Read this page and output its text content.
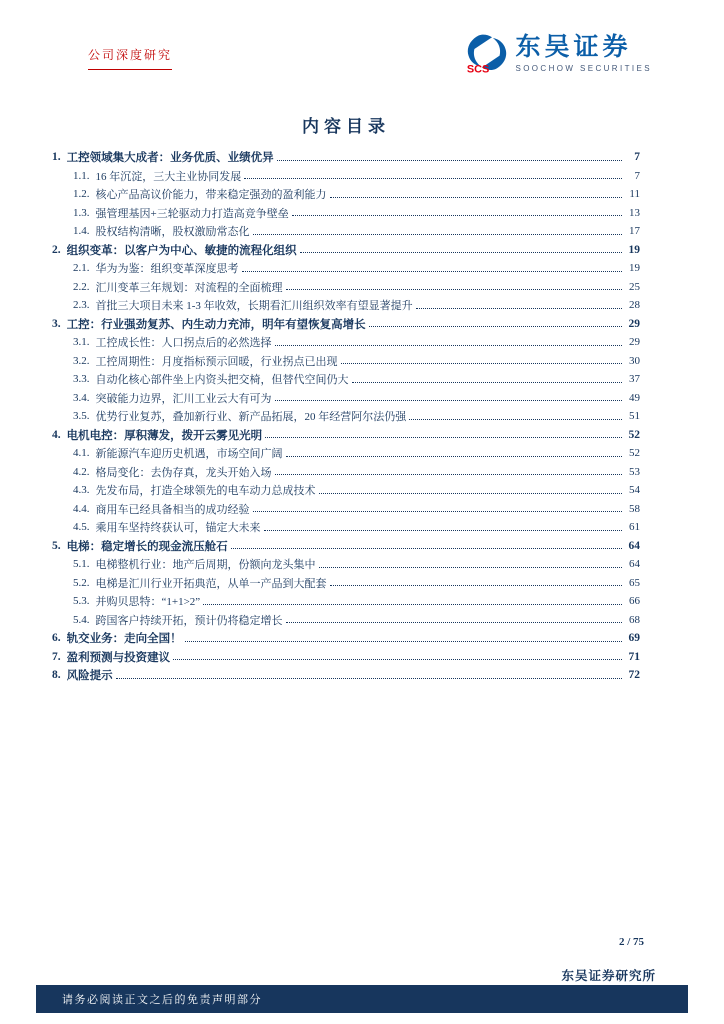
公司深度研究
SCS
东吴证券
SOOCHOW SECURITIES
内容目录
1. 工控领域集大成者：业务优质、业绩优异	7
1.1. 16 年沉淀，三大主业协同发展	7
1.2. 核心产品高议价能力，带来稳定强劲的盈利能力	11
1.3. 强管理基因+三轮驱动力打造高竞争壁垒	13
1.4. 股权结构清晰，股权激励常态化	17
2. 组织变革：以客户为中心、敏捷的流程化组织	19
2.1. 华为为鉴：组织变革深度思考	19
2.2. 汇川变革三年规划：对流程的全面梳理	25
2.3. 首批三大项目未来 1-3 年收效，长期看汇川组织效率有望显著提升	28
3. 工控：行业强劲复苏、内生动力充沛，明年有望恢复高增长	29
3.1. 工控成长性：人口拐点后的必然选择	29
3.2. 工控周期性：月度指标预示回暖，行业拐点已出现	30
3.3. 自动化核心部件坐上内资头把交椅，但替代空间仍大	37
3.4. 突破能力边界，汇川工业云大有可为	49
3.5. 优势行业复苏，叠加新行业、新产品拓展，20 年经营阿尔法仍强	51
4. 电机电控：厚积薄发，拨开云雾见光明	52
4.1. 新能源汽车迎历史机遇，市场空间广阔	52
4.2. 格局变化：去伪存真，龙头开始入场	53
4.3. 先发布局，打造全球领先的电车动力总成技术	54
4.4. 商用车已经具备相当的成功经验	58
4.5. 乘用车坚持终获认可，锚定大未来	61
5. 电梯：稳定增长的现金流压舱石	64
5.1. 电梯整机行业：地产后周期，份额向龙头集中	64
5.2. 电梯是汇川行业开拓典范，从单一产品到大配套	65
5.3. 并购贝思特：“1+1>2”	66
5.4. 跨国客户持续开拓，预计仍将稳定增长	68
6. 轨交业务：走向全国！	69
7. 盈利预测与投资建议	71
8. 风险提示	72
2 / 75
东吴证券研究所
请务必阅读正文之后的免责声明部分
